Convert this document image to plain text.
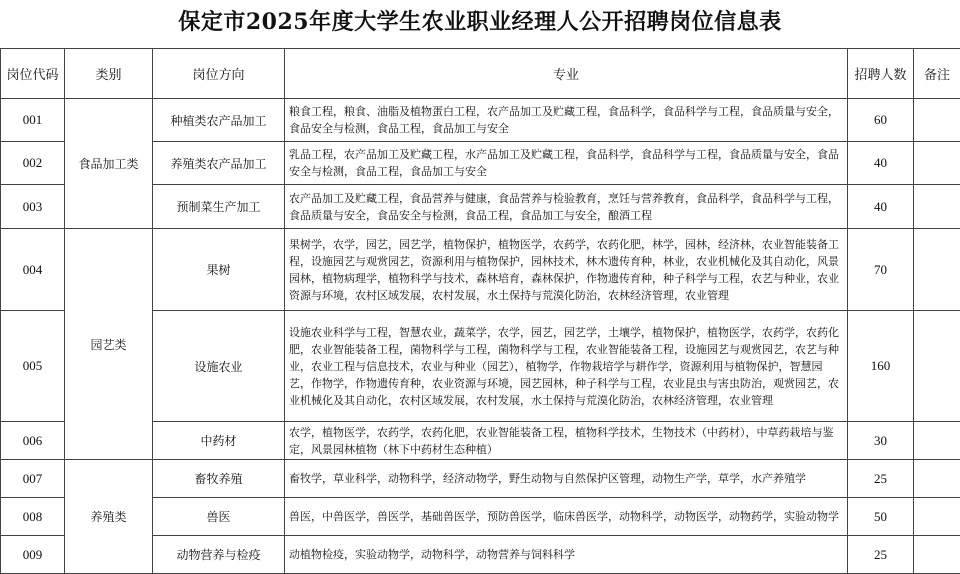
保定市2025年度大学生农业职业经理人公开招聘岗位信息表
岗位代码	类别	岗位方向	专业	招聘人数	备注
001	食品加工类	种植类农产品加工	粮食工程，粮食、油脂及植物蛋白工程，农产品加工及贮藏工程，食品科学，食品科学与工程，食品质量与安全，食品安全与检测，食品工程，食品加工与安全	60	
002		养殖类农产品加工	乳品工程，农产品加工及贮藏工程，水产品加工及贮藏工程，食品科学，食品科学与工程，食品质量与安全，食品安全与检测，食品工程，食品加工与安全	40	
003		预制菜生产加工	农产品加工及贮藏工程，食品营养与健康，食品营养与检验教育，烹饪与营养教育，食品科学，食品科学与工程，食品质量与安全，食品安全与检测，食品工程，食品加工与安全，酿酒工程	40	
004	园艺类	果树	果树学，农学，园艺，园艺学，植物保护，植物医学，农药学，农药化肥，林学，园林，经济林，农业智能装备工程，设施园艺与观赏园艺，资源利用与植物保护，园林技术，林木遗传育种，林业，农业机械化及其自动化，风景园林，植物病理学，植物科学与技术，森林培育，森林保护，作物遗传育种，种子科学与工程，农艺与种业，农业资源与环境，农村区域发展，农村发展，水土保持与荒漠化防治，农林经济管理，农业管理	70	
005		设施农业	设施农业科学与工程，智慧农业，蔬菜学，农学，园艺，园艺学，土壤学，植物保护，植物医学，农药学，农药化肥，农业智能装备工程，菌物科学与工程，菌物科学与工程，农业智能装备工程，设施园艺与观赏园艺，农艺与种业，农业工程与信息技术，农业与种业（园艺），植物学，作物栽培学与耕作学，资源利用与植物保护，智慧园艺，作物学，作物遗传育种，农业资源与环境，园艺园林，种子科学与工程，农业昆虫与害虫防治，观赏园艺，农业机械化及其自动化，农村区域发展，农村发展，水土保持与荒漠化防治，农林经济管理，农业管理	160	
006		中药材	农学，植物医学，农药学，农药化肥，农业智能装备工程，植物科学技术，生物技术（中药材），中草药栽培与鉴定，风景园林植物（林下中药材生态种植）	30	
007	养殖类	畜牧养殖	畜牧学，草业科学，动物科学，经济动物学，野生动物与自然保护区管理，动物生产学，草学，水产养殖学	25	
008		兽医	兽医，中兽医学，兽医学，基础兽医学，预防兽医学，临床兽医学，动物科学，动物医学，动物药学，实验动物学	50	
009		动物营养与检疫	动植物检疫，实验动物学，动物科学，动物营养与饲料科学	25	
